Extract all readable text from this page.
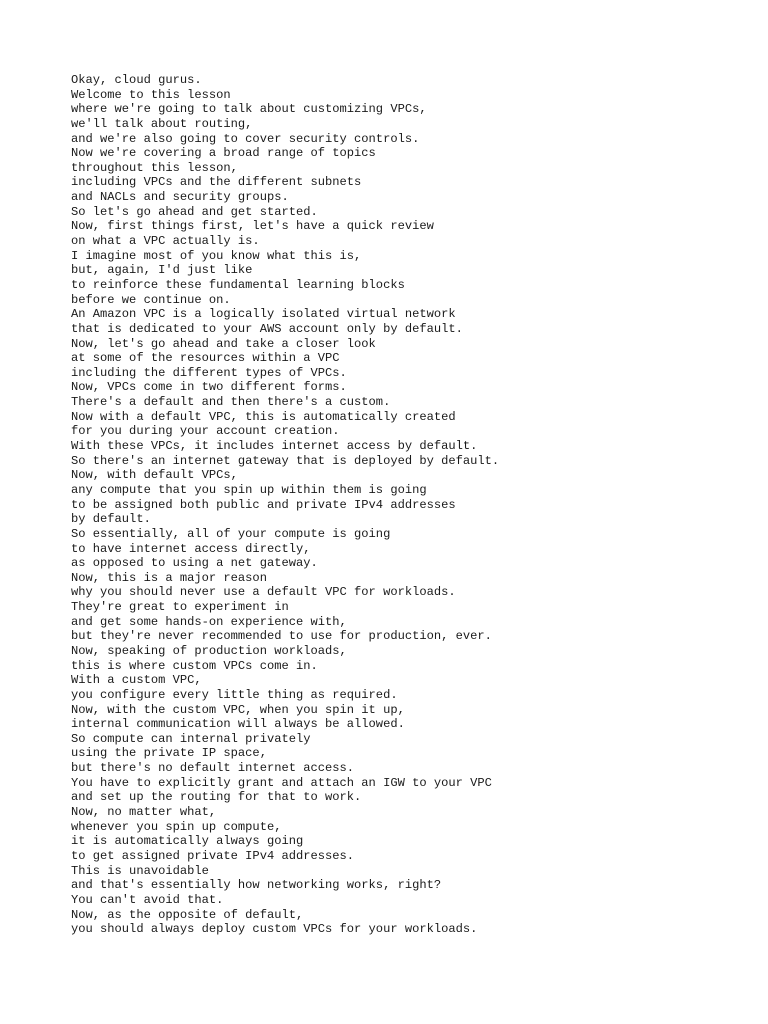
Okay, cloud gurus.
Welcome to this lesson
where we're going to talk about customizing VPCs,
we'll talk about routing,
and we're also going to cover security controls.
Now we're covering a broad range of topics
throughout this lesson,
including VPCs and the different subnets
and NACLs and security groups.
So let's go ahead and get started.
Now, first things first, let's have a quick review
on what a VPC actually is.
I imagine most of you know what this is,
but, again, I'd just like
to reinforce these fundamental learning blocks
before we continue on.
An Amazon VPC is a logically isolated virtual network
that is dedicated to your AWS account only by default.
Now, let's go ahead and take a closer look
at some of the resources within a VPC
including the different types of VPCs.
Now, VPCs come in two different forms.
There's a default and then there's a custom.
Now with a default VPC, this is automatically created
for you during your account creation.
With these VPCs, it includes internet access by default.
So there's an internet gateway that is deployed by default.
Now, with default VPCs,
any compute that you spin up within them is going
to be assigned both public and private IPv4 addresses
by default.
So essentially, all of your compute is going
to have internet access directly,
as opposed to using a net gateway.
Now, this is a major reason
why you should never use a default VPC for workloads.
They're great to experiment in
and get some hands-on experience with,
but they're never recommended to use for production, ever.
Now, speaking of production workloads,
this is where custom VPCs come in.
With a custom VPC,
you configure every little thing as required.
Now, with the custom VPC, when you spin it up,
internal communication will always be allowed.
So compute can internal privately
using the private IP space,
but there's no default internet access.
You have to explicitly grant and attach an IGW to your VPC
and set up the routing for that to work.
Now, no matter what,
whenever you spin up compute,
it is automatically always going
to get assigned private IPv4 addresses.
This is unavoidable
and that's essentially how networking works, right?
You can't avoid that.
Now, as the opposite of default,
you should always deploy custom VPCs for your workloads.
